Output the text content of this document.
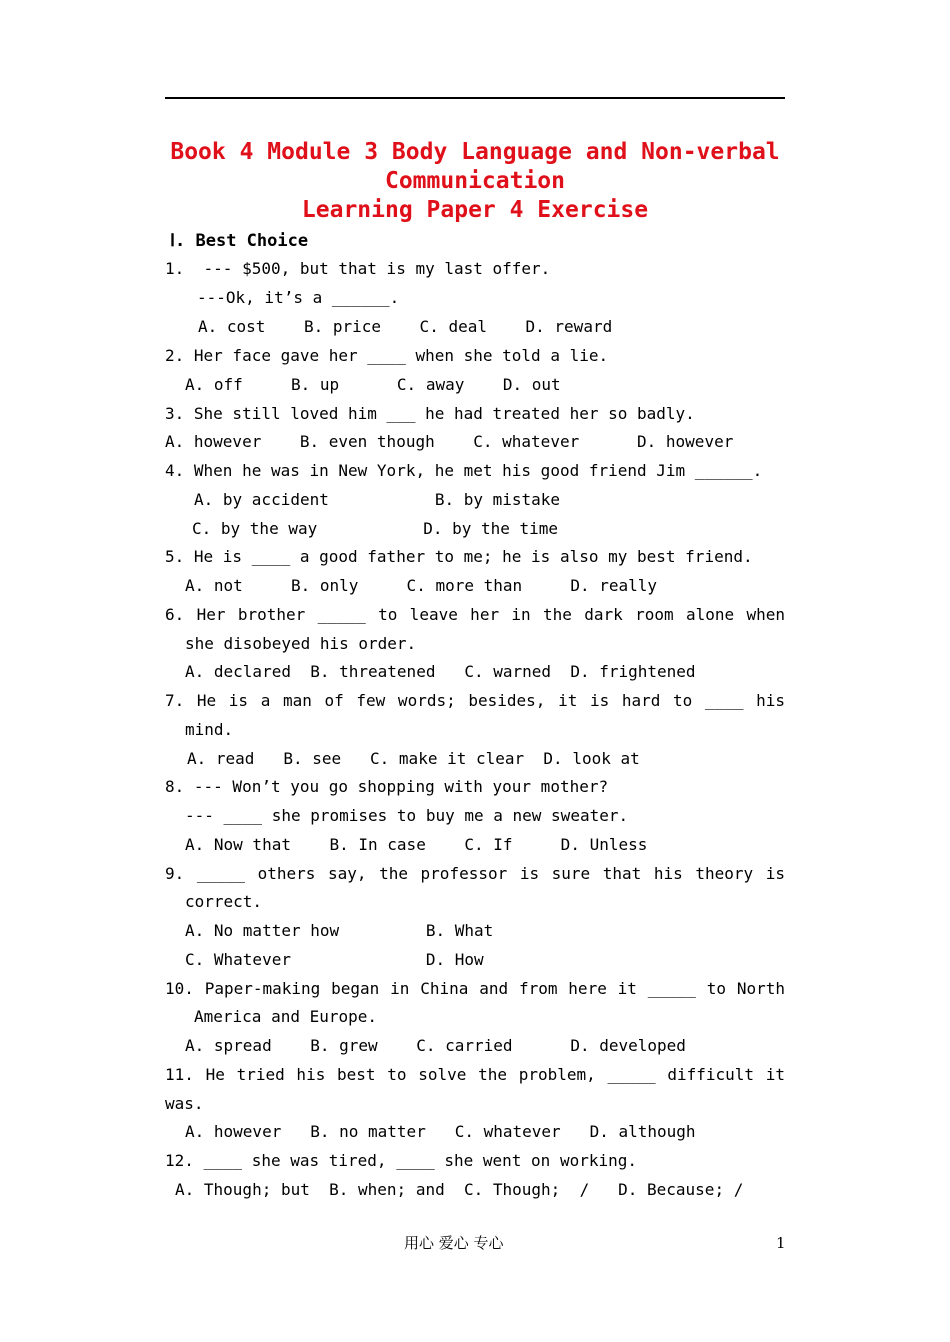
Book 4 Module 3 Body Language and Non-verbal
Communication
Learning Paper 4 Exercise
Ⅰ. Best Choice
1.  --- $500, but that is my last offer.
---Ok, it’s a ______.
A. cost    B. price    C. deal    D. reward
2. Her face gave her ____ when she told a lie.
A. off     B. up      C. away    D. out
3. She still loved him ___ he had treated her so badly.
A. however    B. even though    C. whatever      D. however
4. When he was in New York, he met his good friend Jim ______.
A. by accident           B. by mistake
C. by the way           D. by the time
5. He is ____ a good father to me; he is also my best friend.
A. not     B. only     C. more than     D. really
6. Her brother _____ to leave her in the dark room alone when
she disobeyed his order.
A. declared  B. threatened   C. warned  D. frightened
7. He is a man of few words; besides, it is hard to ____ his
mind.
A. read   B. see   C. make it clear  D. look at
8. --- Won’t you go shopping with your mother?
--- ____ she promises to buy me a new sweater.
A. Now that    B. In case    C. If     D. Unless
9. _____ others say, the professor is sure that his theory is
correct.
A. No matter how         B. What
C. Whatever              D. How
10. Paper-making began in China and from here it _____ to North
America and Europe.
A. spread    B. grew    C. carried      D. developed
11. He tried his best to solve the problem, _____ difficult it
was.
A. however   B. no matter   C. whatever   D. although
12. ____ she was tired, ____ she went on working.
A. Though; but  B. when; and  C. Though;  /   D. Because; /
用心 爱心 专心	1
